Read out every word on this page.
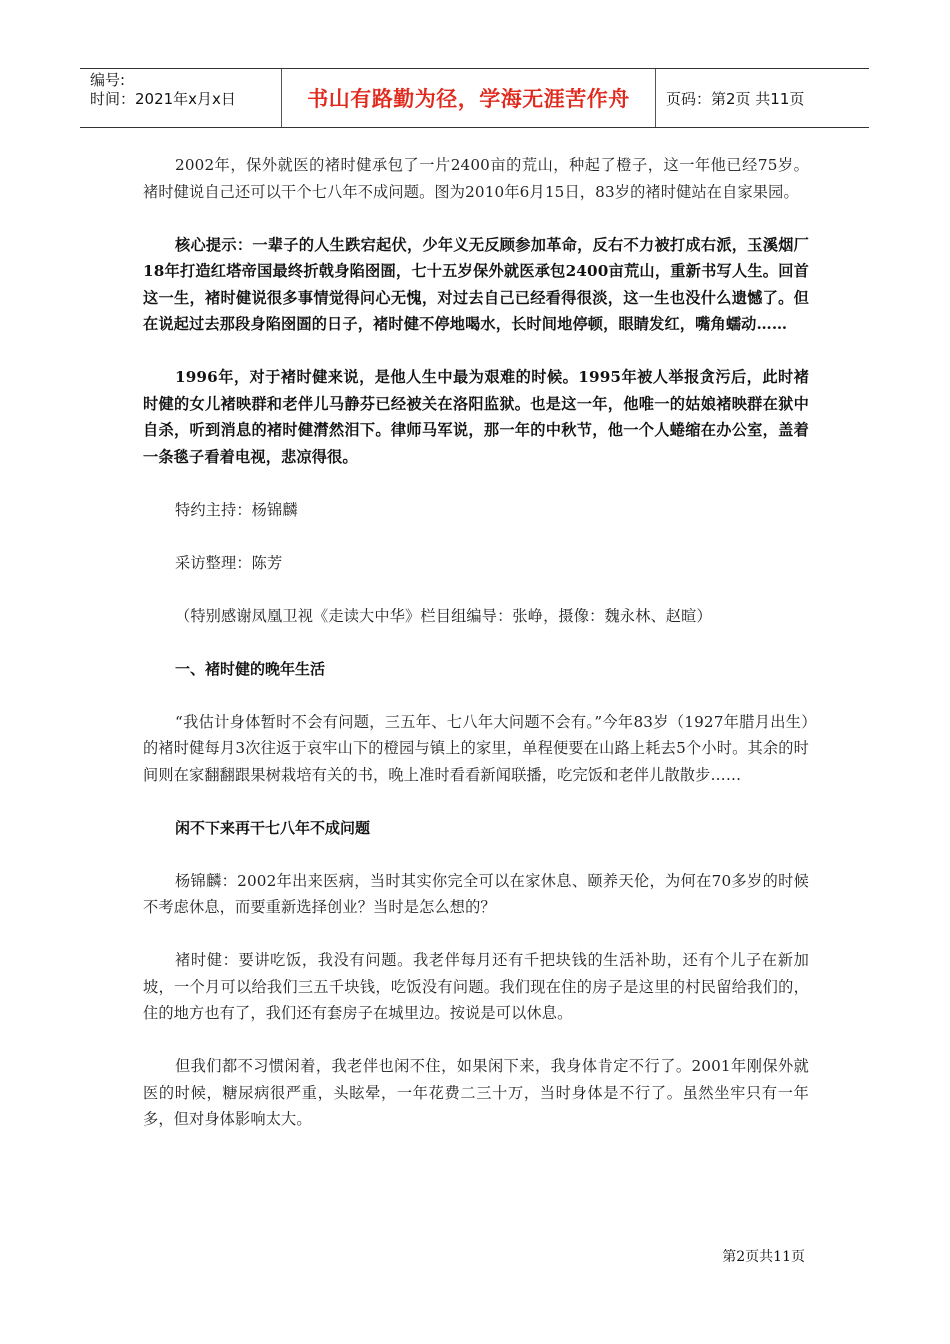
编号:
时间：2021年x月x日	书山有路勤为径，学海无涯苦作舟 页码：第2页 共11页

2002年，保外就医的褚时健承包了一片2400亩的荒山，种起了橙子，这一年他已经75岁。褚时健说自己还可以干个七八年不成问题。图为2010年6月15日，83岁的褚时健站在自家果园。

核心提示：一辈子的人生跌宕起伏，少年义无反顾参加革命，反右不力被打成右派，玉溪烟厂18年打造红塔帝国最终折戟身陷囹圄，七十五岁保外就医承包2400亩荒山，重新书写人生。回首这一生，褚时健说很多事情觉得问心无愧，对过去自己已经看得很淡，这一生也没什么遗憾了。但在说起过去那段身陷囹圄的日子，褚时健不停地喝水，长时间地停顿，眼睛发红，嘴角蠕动……

1996年，对于褚时健来说，是他人生中最为艰难的时候。1995年被人举报贪污后，此时褚时健的女儿褚映群和老伴儿马静芬已经被关在洛阳监狱。也是这一年，他唯一的姑娘褚映群在狱中自杀，听到消息的褚时健潸然泪下。律师马军说，那一年的中秋节，他一个人蜷缩在办公室，盖着一条毯子看着电视，悲凉得很。

特约主持：杨锦麟

采访整理：陈芳

（特别感谢凤凰卫视《走读大中华》栏目组编导：张峥，摄像：魏永林、赵暄）

一、褚时健的晚年生活

“我估计身体暂时不会有问题，三五年、七八年大问题不会有。”今年83岁（1927年腊月出生）的褚时健每月3次往返于哀牢山下的橙园与镇上的家里，单程便要在山路上耗去5个小时。其余的时间则在家翻翻跟果树栽培有关的书，晚上准时看看新闻联播，吃完饭和老伴儿散散步……

闲不下来再干七八年不成问题

杨锦麟：2002年出来医病，当时其实你完全可以在家休息、颐养天伦，为何在70多岁的时候不考虑休息，而要重新选择创业？当时是怎么想的？

褚时健：要讲吃饭，我没有问题。我老伴每月还有千把块钱的生活补助，还有个儿子在新加坡，一个月可以给我们三五千块钱，吃饭没有问题。我们现在住的房子是这里的村民留给我们的，住的地方也有了，我们还有套房子在城里边。按说是可以休息。

但我们都不习惯闲着，我老伴也闲不住，如果闲下来，我身体肯定不行了。2001年刚保外就医的时候，糖尿病很严重，头眩晕，一年花费二三十万，当时身体是不行了。虽然坐牢只有一年多，但对身体影响太大。

第2页共11页
